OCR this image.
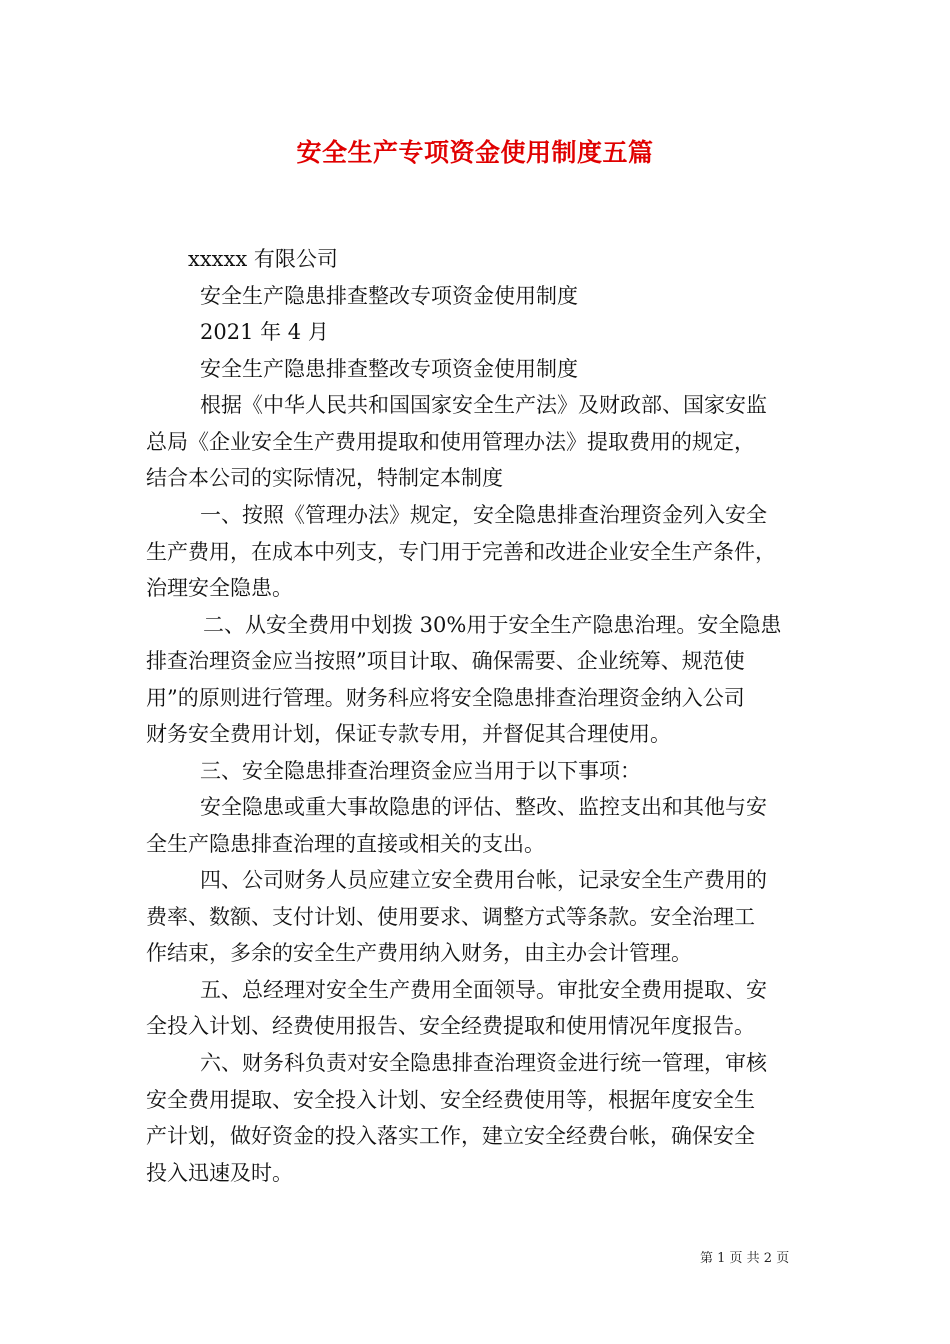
安全生产专项资金使用制度五篇
xxxxx 有限公司
安全生产隐患排查整改专项资金使用制度
2021 年 4 月
安全生产隐患排查整改专项资金使用制度
根据《中华人民共和国国家安全生产法》及财政部、国家安监
总局《企业安全生产费用提取和使用管理办法》提取费用的规定，
结合本公司的实际情况，特制定本制度
一、按照《管理办法》规定，安全隐患排查治理资金列入安全
生产费用，在成本中列支，专门用于完善和改进企业安全生产条件，
治理安全隐患。
二、从安全费用中划拨 30%用于安全生产隐患治理。安全隐患
排查治理资金应当按照”项目计取、确保需要、企业统筹、规范使
用”的原则进行管理。财务科应将安全隐患排查治理资金纳入公司
财务安全费用计划，保证专款专用，并督促其合理使用。
三、安全隐患排查治理资金应当用于以下事项：
安全隐患或重大事故隐患的评估、整改、监控支出和其他与安
全生产隐患排查治理的直接或相关的支出。
四、公司财务人员应建立安全费用台帐，记录安全生产费用的
费率、数额、支付计划、使用要求、调整方式等条款。安全治理工
作结束，多余的安全生产费用纳入财务，由主办会计管理。
五、总经理对安全生产费用全面领导。审批安全费用提取、安
全投入计划、经费使用报告、安全经费提取和使用情况年度报告。
六、财务科负责对安全隐患排查治理资金进行统一管理，审核
安全费用提取、安全投入计划、安全经费使用等，根据年度安全生
产计划，做好资金的投入落实工作，建立安全经费台帐，确保安全
投入迅速及时。
第 1 页 共 2 页
